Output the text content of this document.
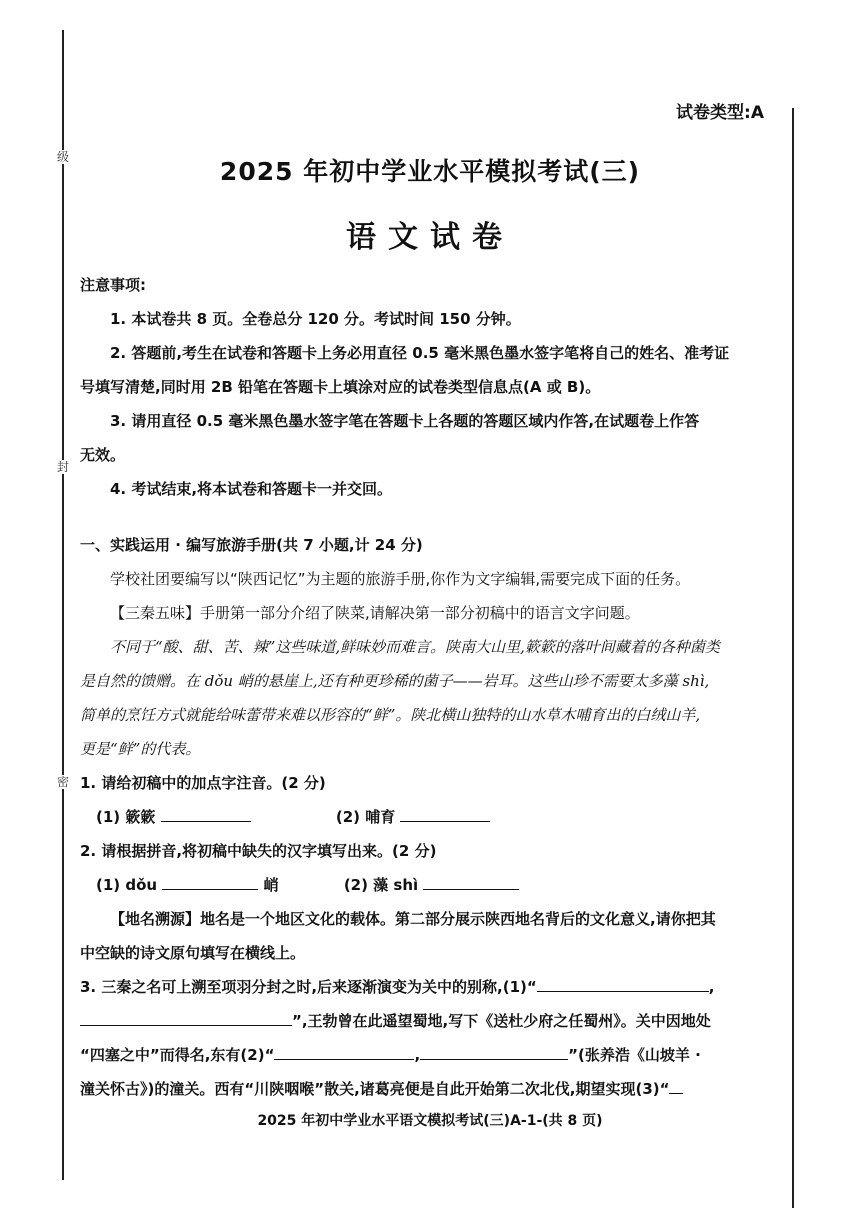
级
封
密
试卷类型:A
2025 年初中学业水平模拟考试(三)
语文试卷

注意事项:

1. 本试卷共 8 页。全卷总分 120 分。考试时间 150 分钟。

2. 答题前,考生在试卷和答题卡上务必用直径 0.5 毫米黑色墨水签字笔将自己的姓名、准考证

号填写清楚,同时用 2B 铅笔在答题卡上填涂对应的试卷类型信息点(A 或 B)。

3. 请用直径 0.5 毫米黑色墨水签字笔在答题卡上各题的答题区域内作答,在试题卷上作答

无效。

4. 考试结束,将本试卷和答题卡一并交回。

一、实践运用 · 编写旅游手册(共 7 小题,计 24 分)

学校社团要编写以“陕西记忆”为主题的旅游手册,你作为文字编辑,需要完成下面的任务。

【三秦五味】手册第一部分介绍了陕菜,请解决第一部分初稿中的语言文字问题。

不同于“酸、甜、苦、辣”这些味道,鲜味妙而难言。陕南大山里,簌簌的落叶间藏着的各种菌类

是自然的馈赠。在 dǒu 峭的悬崖上,还有种更珍稀的菌子——岩耳。这些山珍不需要太多藻 shì,

简单的烹饪方式就能给味蕾带来难以形容的“鲜”。陕北横山独特的山水草木哺育出的白绒山羊,

更是“鲜”的代表。

1. 请给初稿中的加点字注音。(2 分)

(1) 簌簌	(2) 哺育

2. 请根据拼音,将初稿中缺失的汉字填写出来。(2 分)

(1) dǒu	峭	(2) 藻 shì

【地名溯源】地名是一个地区文化的载体。第二部分展示陕西地名背后的文化意义,请你把其

中空缺的诗文原句填写在横线上。

3. 三秦之名可上溯至项羽分封之时,后来逐渐演变为关中的别称,(1)“	,

”,王勃曾在此遥望蜀地,写下《送杜少府之任蜀州》。关中因地处

“四塞之中”而得名,东有(2)“	,	”(张养浩《山坡羊 ·

潼关怀古》)的潼关。西有“川陕咽喉”散关,诸葛亮便是自此开始第二次北伐,期望实现(3)“

2025 年初中学业水平语文模拟考试(三)A-1-(共 8 页)
